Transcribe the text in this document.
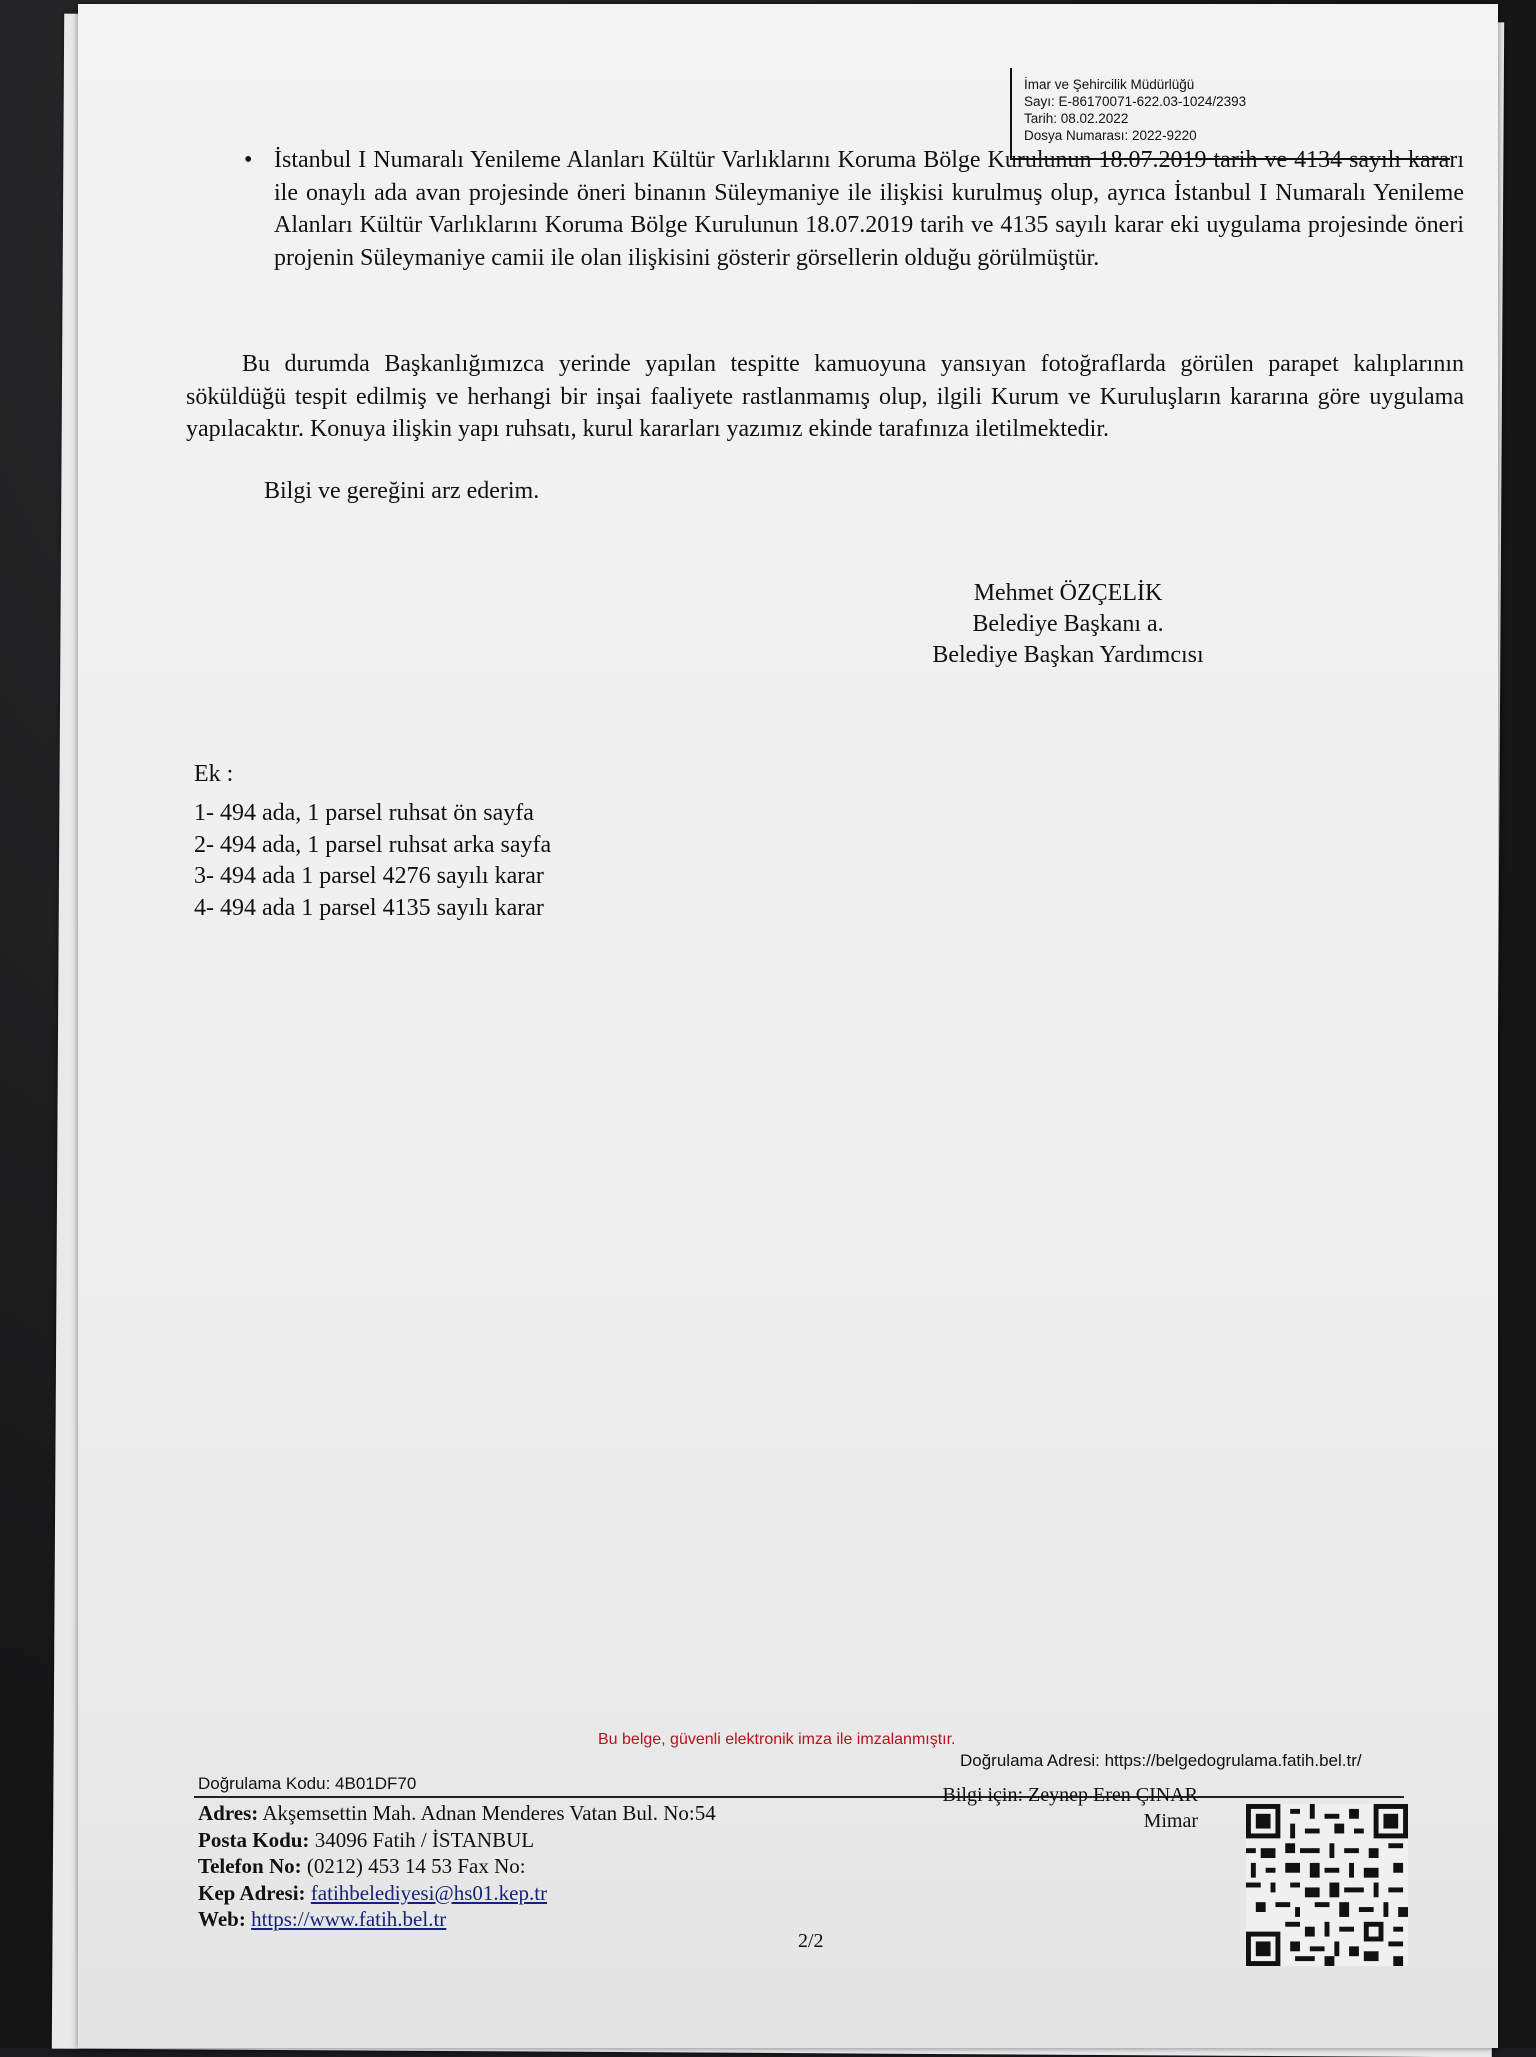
İmar ve Şehircilik Müdürlüğü
Sayı: E-86170071-622.03-1024/2393
Tarih: 08.02.2022
Dosya Numarası: 2022-9220
• İstanbul I Numaralı Yenileme Alanları Kültür Varlıklarını Koruma Bölge Kurulunun 18.07.2019 tarih ve 4134 sayılı kararı ile onaylı ada avan projesinde öneri binanın Süleymaniye ile ilişkisi kurulmuş olup, ayrıca İstanbul I Numaralı Yenileme Alanları Kültür Varlıklarını Koruma Bölge Kurulunun 18.07.2019 tarih ve 4135 sayılı karar eki uygulama projesinde öneri projenin Süleymaniye camii ile olan ilişkisini gösterir görsellerin olduğu görülmüştür.
Bu durumda Başkanlığımızca yerinde yapılan tespitte kamuoyuna yansıyan fotoğraflarda görülen parapet kalıplarının söküldüğü tespit edilmiş ve herhangi bir inşai faaliyete rastlanmamış olup, ilgili Kurum ve Kuruluşların kararına göre uygulama yapılacaktır. Konuya ilişkin yapı ruhsatı, kurul kararları yazımız ekinde tarafınıza iletilmektedir.
Bilgi ve gereğini arz ederim.
Mehmet ÖZÇELİK
Belediye Başkanı a.
Belediye Başkan Yardımcısı
Ek :
1- 494 ada, 1 parsel ruhsat ön sayfa
2- 494 ada, 1 parsel ruhsat arka sayfa
3- 494 ada 1 parsel 4276 sayılı karar
4- 494 ada 1 parsel 4135 sayılı karar
Bu belge, güvenli elektronik imza ile imzalanmıştır.
Doğrulama Adresi: https://belgedogrulama.fatih.bel.tr/
Doğrulama Kodu: 4B01DF70
Adres: Akşemsettin Mah. Adnan Menderes Vatan Bul. No:54
Posta Kodu: 34096 Fatih / İSTANBUL
Telefon No: (0212) 453 14 53 Fax No:
Kep Adresi: fatihbelediyesi@hs01.kep.tr
Web: https://www.fatih.bel.tr
Bilgi için: Zeynep Eren ÇINAR
Mimar
2/2
